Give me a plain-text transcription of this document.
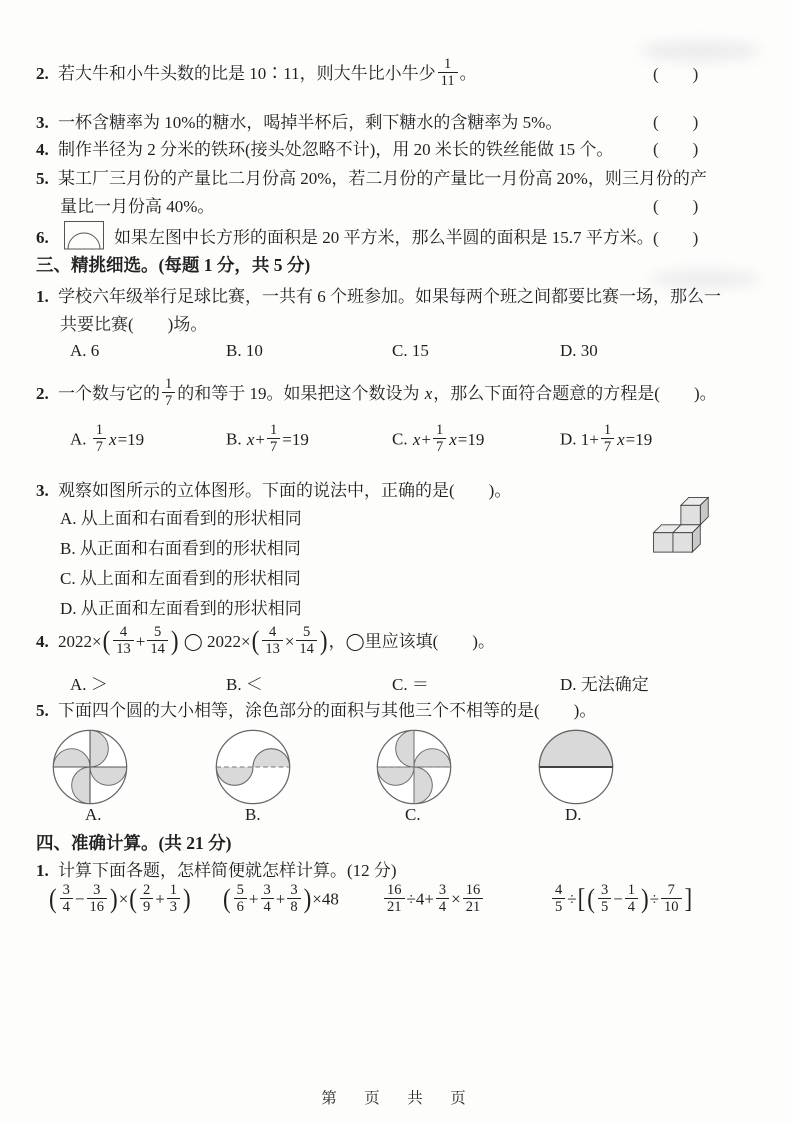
2. 若大牛和小牛头数的比是 10∶11，则大牛比小牛少 $\frac{1}{11}$ 。	(　　)
3. 一杯含糖率为 10%的糖水，喝掉半杯后，剩下糖水的含糖率为 5%。	(　　)
4. 制作半径为 2 分米的铁环(接头处忽略不计)，用 20 米长的铁丝能做 15 个。 (　　)
5. 某工厂三月份的产量比二月份高 20%，若二月份的产量比一月份高 20%，则三月份的产
量比一月份高 40%。	(　　)
6.	如果左图中长方形的面积是 20 平方米，那么半圆的面积是 15.7 平方米。 (　　)
三、精挑细选。(每题 1 分，共 5 分)
1. 学校六年级举行足球比赛，一共有 6 个班参加。如果每两个班之间都要比赛一场，那么一
共要比赛(　　)场。
A. 6	B. 10	C. 15	D. 30
2. 一个数与它的 $\frac{1}{7}$ 的和等于 19。如果把这个数设为 x，那么下面符合题意的方程是(　　)。
A. $\frac{1}{7} x=19$	B. $x+ \frac{1}{7} =19$	C. $x+ \frac{1}{7} x=19$	D. $1+ \frac{1}{7} x=19$
3. 观察如图所示的立体图形。下面的说法中，正确的是(　　)。
A. 从上面和右面看到的形状相同
B. 从正面和右面看到的形状相同
C. 从上面和左面看到的形状相同
D. 从正面和左面看到的形状相同
4. $2022\times( \frac{4}{13} + \frac{5}{14}$ ) ◯ $2022\times( \frac{4}{13} \times \frac{5}{14}$ )，◯里应该填(　　)。
A. ＞	B. ＜	C. ＝	D. 无法确定
5. 下面四个圆的大小相等，涂色部分的面积与其他三个不相等的是(　　)。
A.	B.	C.	D.
四、准确计算。(共 21 分)
1. 计算下面各题，怎样简便就怎样计算。(12 分)
( $\frac{3}{4} - \frac{3}{16}$ )×( $\frac{2}{9} + \frac{1}{3}$ ) ( $\frac{5}{6} + \frac{3}{4} + \frac{3}{8} )\times 48$	$\frac{16}{21} \div 4+ \frac{3}{4} \times \frac{16}{21}$	$\frac{4}{5}$ ÷[( $\frac{3}{5} - \frac{1}{4}$ )÷ $\frac{7}{10}$ ]
第　页　共　页
